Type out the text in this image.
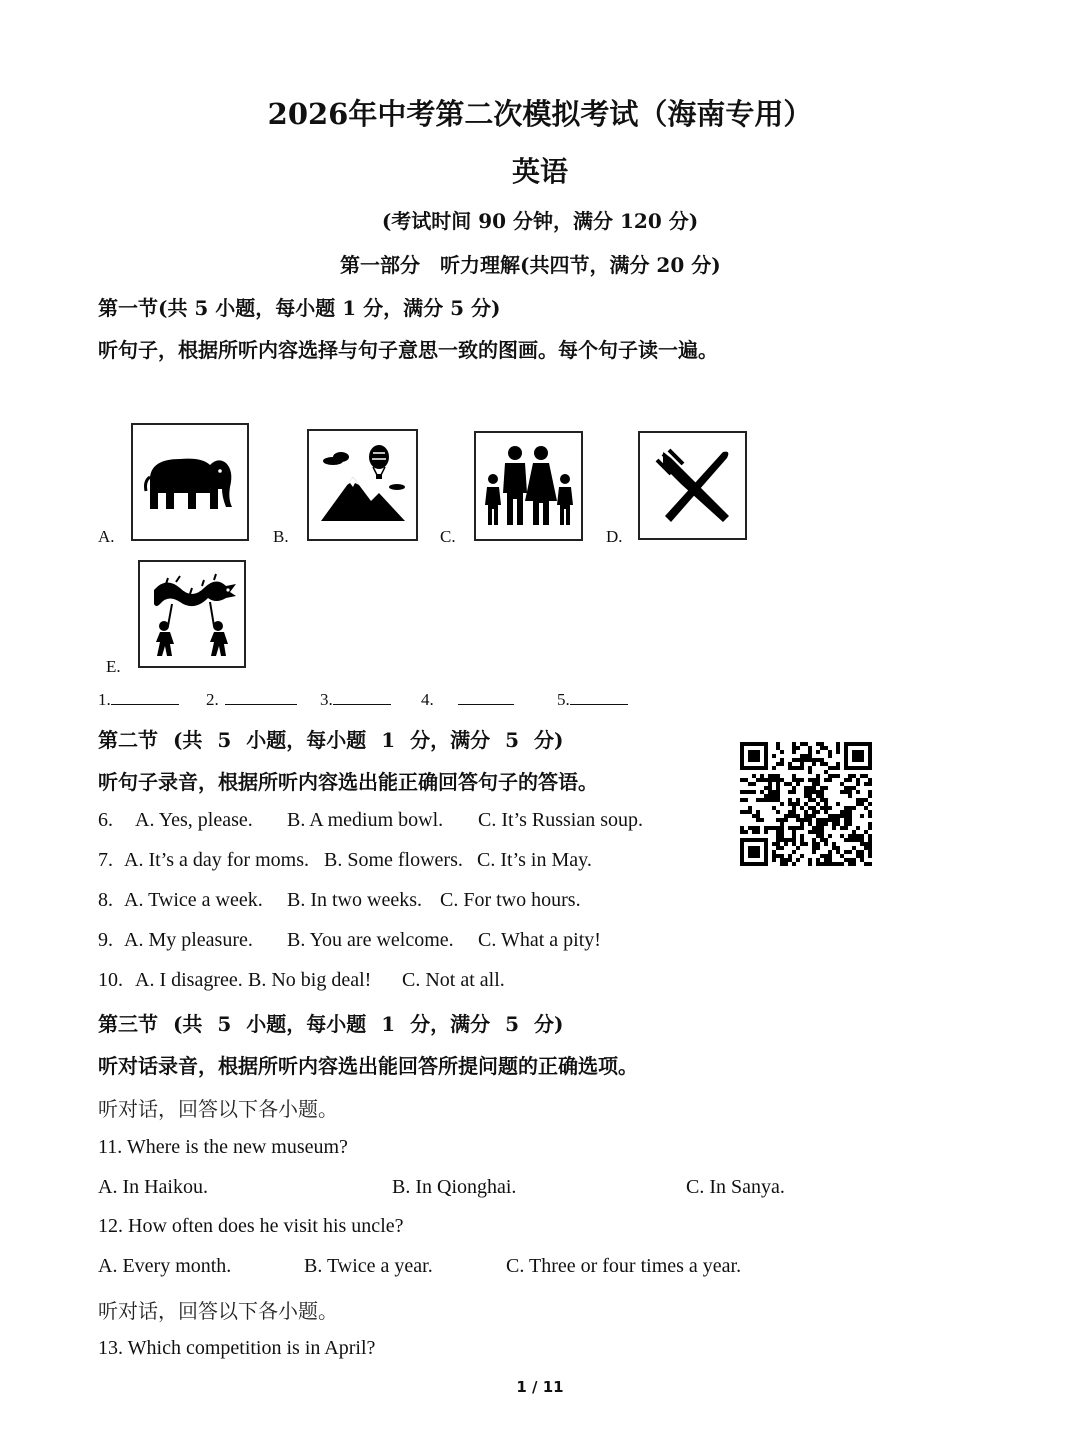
2026年中考第二次模拟考试（海南专用）
英语
(考试时间 90 分钟，满分 120 分)
第一部分　听力理解(共四节，满分 20 分)
第一节(共 5 小题，每小题 1 分，满分 5 分)
听句子，根据所听内容选择与句子意思一致的图画。每个句子读一遍。
A.	B.	C.	D.
E.
1.	2.	3.	4.	5.
第二节 (共 5 小题，每小题 1 分，满分 5 分)
听句子录音，根据所听内容选出能正确回答句子的答语。
6. A. Yes, please. B. A medium bowl. C. It’s Russian soup.
7. A. It’s a day for moms. B. Some flowers. C. It’s in May.
8. A. Twice a week. B. In two weeks. C. For two hours.
9. A. My pleasure. B. You are welcome. C. What a pity!
10. A. I disagree. B. No big deal! C. Not at all.
第三节 (共 5 小题，每小题 1 分，满分 5 分)
听对话录音，根据所听内容选出能回答所提问题的正确选项。
听对话，回答以下各小题。
11. Where is the new museum?
A. In Haikou.	B. In Qionghai.	C. In Sanya.
12. How often does he visit his uncle?
A. Every month.	B. Twice a year.	C. Three or four times a year.
听对话，回答以下各小题。
13. Which competition is in April?
1 / 11
